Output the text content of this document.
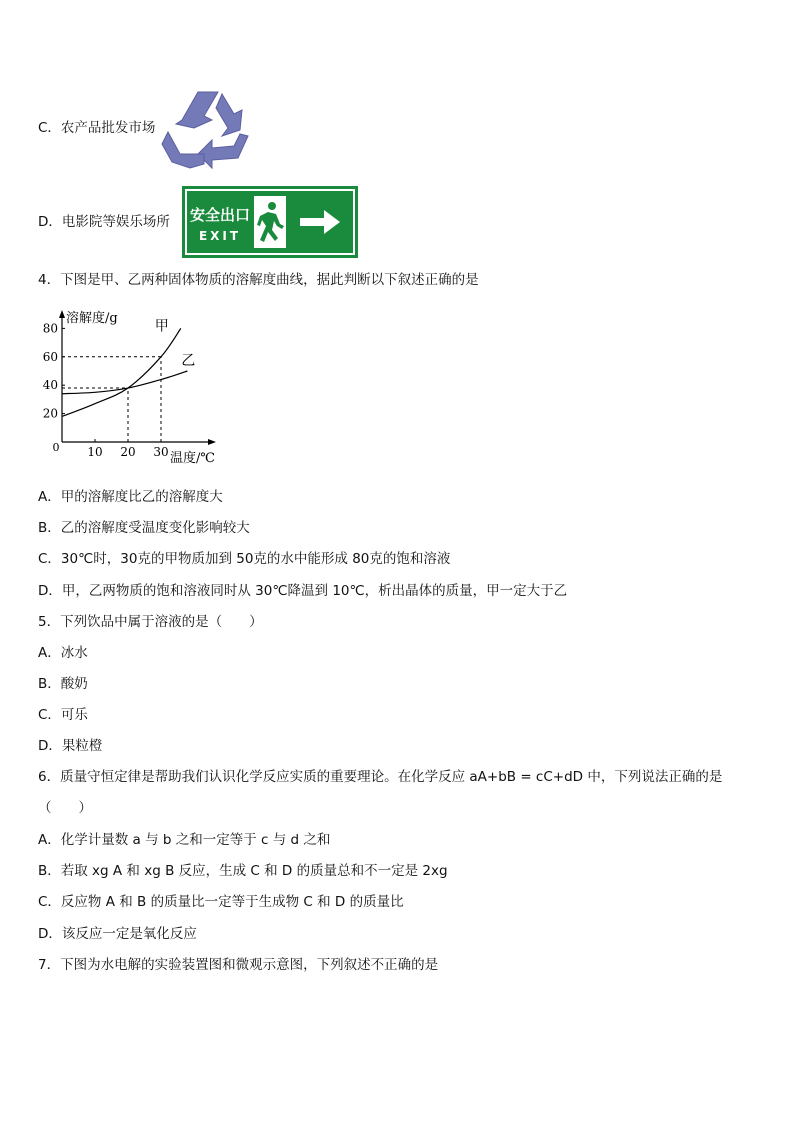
C．农产品批发市场
D．电影院等娱乐场所 安全出口
EXIT
4．下图是甲、乙两种固体物质的溶解度曲线，据此判断以下叙述正确的是
溶解度/g
温度/℃
0 10 20 30
20
40
60
80	甲
乙
A．甲的溶解度比乙的溶解度大
B．乙的溶解度受温度变化影响较大
C．30℃时，30克的甲物质加到 50克的水中能形成 80克的饱和溶液
D．甲，乙两物质的饱和溶液同时从 30℃降温到 10℃，析出晶体的质量，甲一定大于乙
5．下列饮品中属于溶液的是（　　）
A．冰水
B．酸奶
C．可乐
D．果粒橙
6．质量守恒定律是帮助我们认识化学反应实质的重要理论。在化学反应 aA+bB = cC+dD 中，下列说法正确的是
（　　）
A．化学计量数 a 与 b 之和一定等于 c 与 d 之和
B．若取 xg A 和 xg B 反应，生成 C 和 D 的质量总和不一定是 2xg
C．反应物 A 和 B 的质量比一定等于生成物 C 和 D 的质量比
D．该反应一定是氧化反应
7．下图为水电解的实验装置图和微观示意图，下列叙述不正确的是
